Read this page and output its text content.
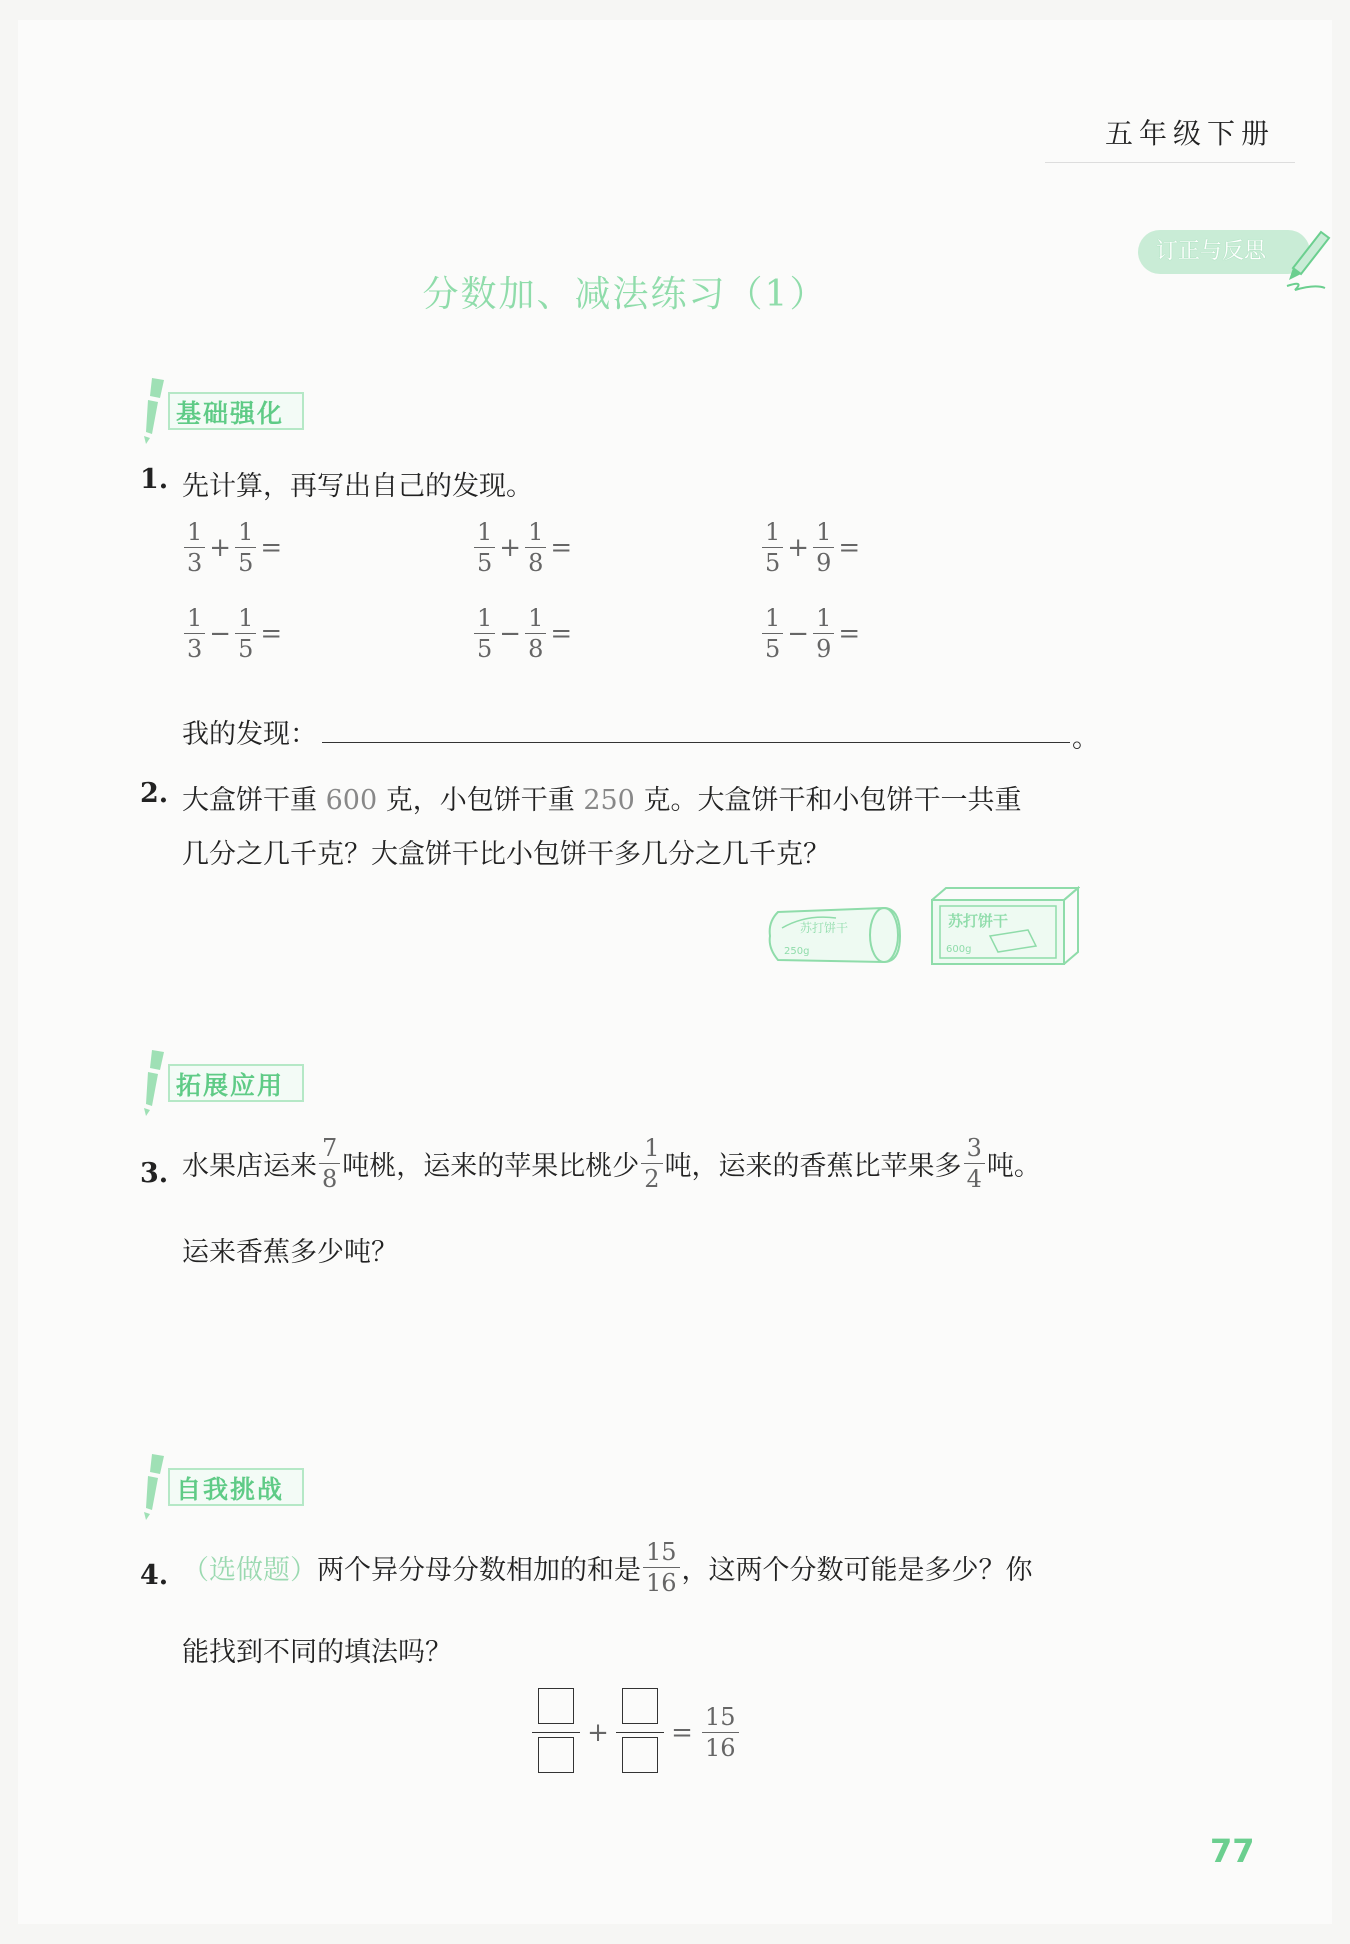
五年级下册
订正与反思
分数加、减法练习（1）
基础强化
1. 先计算，再写出自己的发现。
$\frac{1}{3} + \frac{1}{5}$ =	$\frac{1}{5} + \frac{1}{8}$ =	$\frac{1}{5} + \frac{1}{9}$ =
$\frac{1}{3} - \frac{1}{5}$ =	$\frac{1}{5} - \frac{1}{8}$ =	$\frac{1}{5} - \frac{1}{9}$ =
我的发现：	。
2. 大盒饼干重 600 克，小包饼干重 250 克。大盒饼干和小包饼干一共重
几分之几千克？大盒饼干比小包饼干多几分之几千克？
苏打饼干
250g
苏打饼干
600g
拓展应用
3. 水果店运来 $\frac{7}{8}$ 吨桃，运来的苹果比桃少 $\frac{1}{2}$ 吨，运来的香蕉比苹果多 $\frac{3}{4}$ 吨。
运来香蕉多少吨？
自我挑战
4. （选做题）两个异分母分数相加的和是 $\frac{15}{16}$ ，这两个分数可能是多少？你
能找到不同的填法吗？
+ = $\frac{15}{16}$
77
